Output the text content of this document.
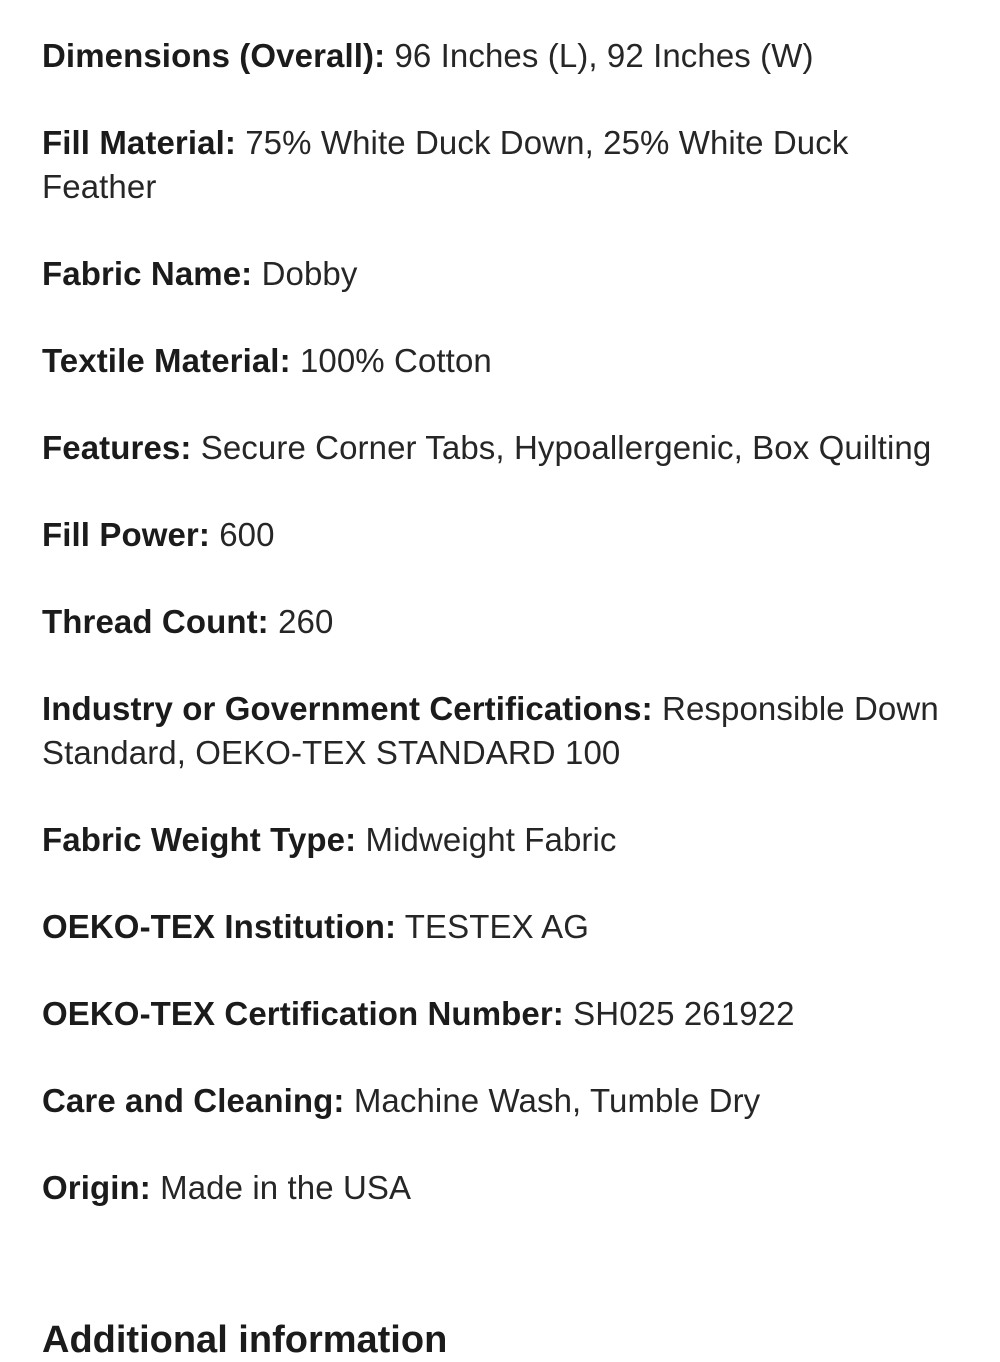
Dimensions (Overall): 96 Inches (L), 92 Inches (W)
Fill Material: 75% White Duck Down, 25% White Duck Feather
Fabric Name: Dobby
Textile Material: 100% Cotton
Features: Secure Corner Tabs, Hypoallergenic, Box Quilting
Fill Power: 600
Thread Count: 260
Industry or Government Certifications: Responsible Down Standard, OEKO-TEX STANDARD 100
Fabric Weight Type: Midweight Fabric
OEKO-TEX Institution: TESTEX AG
OEKO-TEX Certification Number: SH025 261922
Care and Cleaning: Machine Wash, Tumble Dry
Origin: Made in the USA
Additional information
